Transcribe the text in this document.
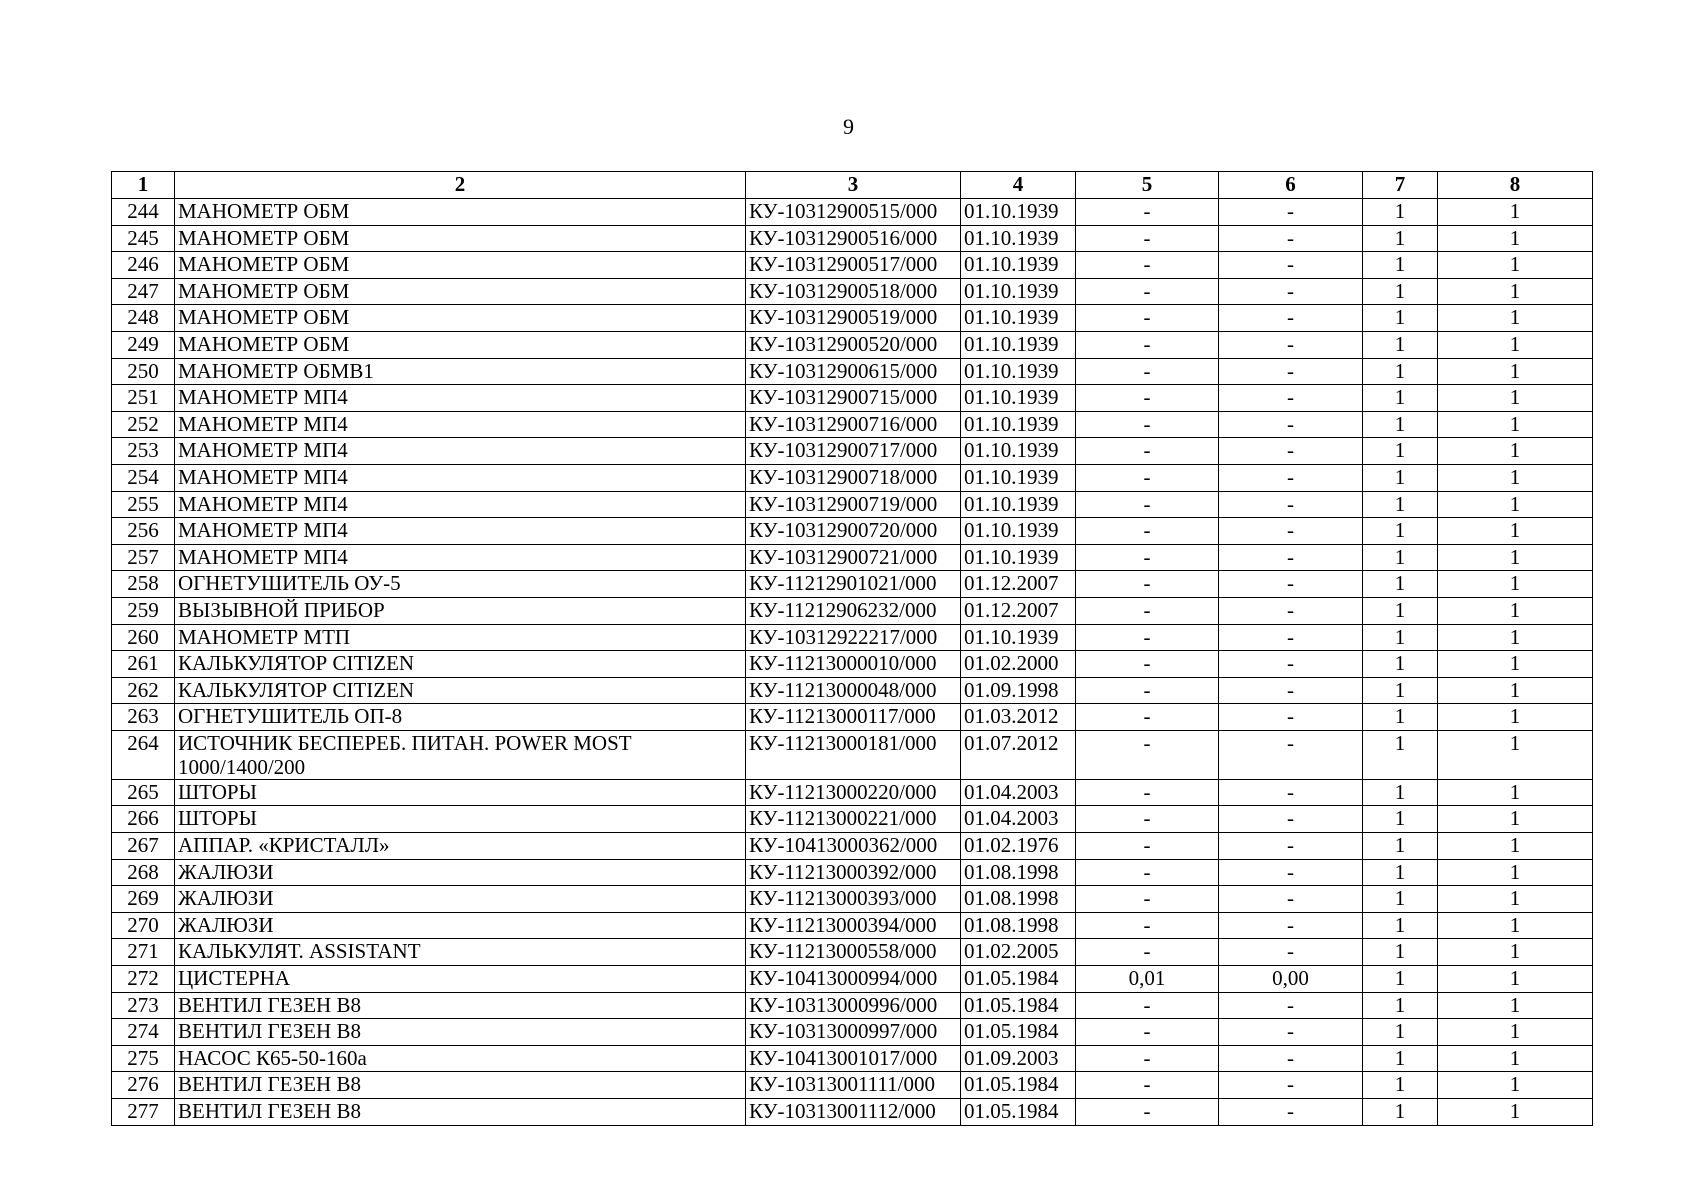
9
1	2	3	4	5	6	7	8
244	МАНОМЕТР ОБМ	КУ-10312900515/000	01.10.1939	-	-	1	1
245	МАНОМЕТР ОБМ	КУ-10312900516/000	01.10.1939	-	-	1	1
246	МАНОМЕТР ОБМ	КУ-10312900517/000	01.10.1939	-	-	1	1
247	МАНОМЕТР ОБМ	КУ-10312900518/000	01.10.1939	-	-	1	1
248	МАНОМЕТР ОБМ	КУ-10312900519/000	01.10.1939	-	-	1	1
249	МАНОМЕТР ОБМ	КУ-10312900520/000	01.10.1939	-	-	1	1
250	МАНОМЕТР ОБМВ1	КУ-10312900615/000	01.10.1939	-	-	1	1
251	МАНОМЕТР МП4	КУ-10312900715/000	01.10.1939	-	-	1	1
252	МАНОМЕТР МП4	КУ-10312900716/000	01.10.1939	-	-	1	1
253	МАНОМЕТР МП4	КУ-10312900717/000	01.10.1939	-	-	1	1
254	МАНОМЕТР МП4	КУ-10312900718/000	01.10.1939	-	-	1	1
255	МАНОМЕТР МП4	КУ-10312900719/000	01.10.1939	-	-	1	1
256	МАНОМЕТР МП4	КУ-10312900720/000	01.10.1939	-	-	1	1
257	МАНОМЕТР МП4	КУ-10312900721/000	01.10.1939	-	-	1	1
258	ОГНЕТУШИТЕЛЬ ОУ-5	КУ-11212901021/000	01.12.2007	-	-	1	1
259	ВЫЗЫВНОЙ ПРИБОР	КУ-11212906232/000	01.12.2007	-	-	1	1
260	МАНОМЕТР МТП	КУ-10312922217/000	01.10.1939	-	-	1	1
261	КАЛЬКУЛЯТОР CITIZEN	КУ-11213000010/000	01.02.2000	-	-	1	1
262	КАЛЬКУЛЯТОР CITIZEN	КУ-11213000048/000	01.09.1998	-	-	1	1
263	ОГНЕТУШИТЕЛЬ ОП-8	КУ-11213000117/000	01.03.2012	-	-	1	1
264	ИСТОЧНИК БЕСПЕРЕБ. ПИТАН. POWER MOST 1000/1400/200	КУ-11213000181/000	01.07.2012	-	-	1	1
265	ШТОРЫ	КУ-11213000220/000	01.04.2003	-	-	1	1
266	ШТОРЫ	КУ-11213000221/000	01.04.2003	-	-	1	1
267	АППАР. «КРИСТАЛЛ»	КУ-10413000362/000	01.02.1976	-	-	1	1
268	ЖАЛЮЗИ	КУ-11213000392/000	01.08.1998	-	-	1	1
269	ЖАЛЮЗИ	КУ-11213000393/000	01.08.1998	-	-	1	1
270	ЖАЛЮЗИ	КУ-11213000394/000	01.08.1998	-	-	1	1
271	КАЛЬКУЛЯТ. ASSISTANT	КУ-11213000558/000	01.02.2005	-	-	1	1
272	ЦИСТЕРНА	КУ-10413000994/000	01.05.1984	0,01	0,00	1	1
273	ВЕНТИЛ ГЕЗЕН В8	КУ-10313000996/000	01.05.1984	-	-	1	1
274	ВЕНТИЛ ГЕЗЕН В8	КУ-10313000997/000	01.05.1984	-	-	1	1
275	НАСОС К65-50-160а	КУ-10413001017/000	01.09.2003	-	-	1	1
276	ВЕНТИЛ ГЕЗЕН В8	КУ-10313001111/000	01.05.1984	-	-	1	1
277	ВЕНТИЛ ГЕЗЕН В8	КУ-10313001112/000	01.05.1984	-	-	1	1
